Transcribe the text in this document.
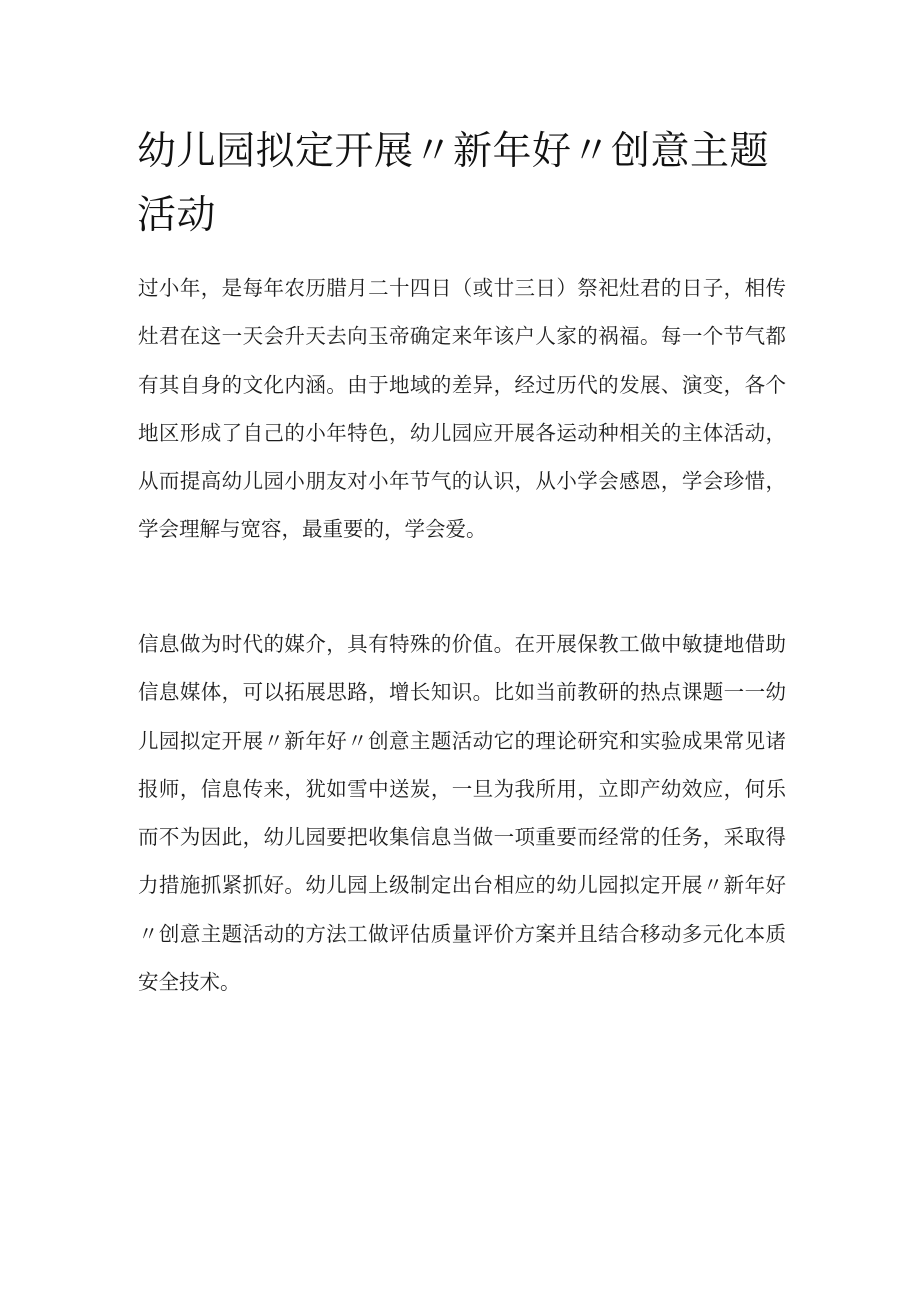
幼儿园拟定开展〃新年好〃创意主题活动

过小年，是每年农历腊月二十四日（或廿三日）祭祀灶君的日子，相传灶君在这一天会升天去向玉帝确定来年该户人家的祸福。每一个节气都有其自身的文化内涵。由于地域的差异，经过历代的发展、演变，各个地区形成了自己的小年特色，幼儿园应开展各运动种相关的主体活动，从而提高幼儿园小朋友对小年节气的认识，从小学会感恩，学会珍惜，学会理解与宽容，最重要的，学会爱。

信息做为时代的媒介，具有特殊的价值。在开展保教工做中敏捷地借助信息媒体，可以拓展思路，增长知识。比如当前教研的热点课题一一幼儿园拟定开展〃新年好〃创意主题活动它的理论研究和实验成果常见诸报师，信息传来，犹如雪中送炭，一旦为我所用，立即产幼效应，何乐而不为因此，幼儿园要把收集信息当做一项重要而经常的任务，采取得力措施抓紧抓好。幼儿园上级制定出台相应的幼儿园拟定开展〃新年好〃创意主题活动的方法工做评估质量评价方案并且结合移动多元化本质安全技术。
